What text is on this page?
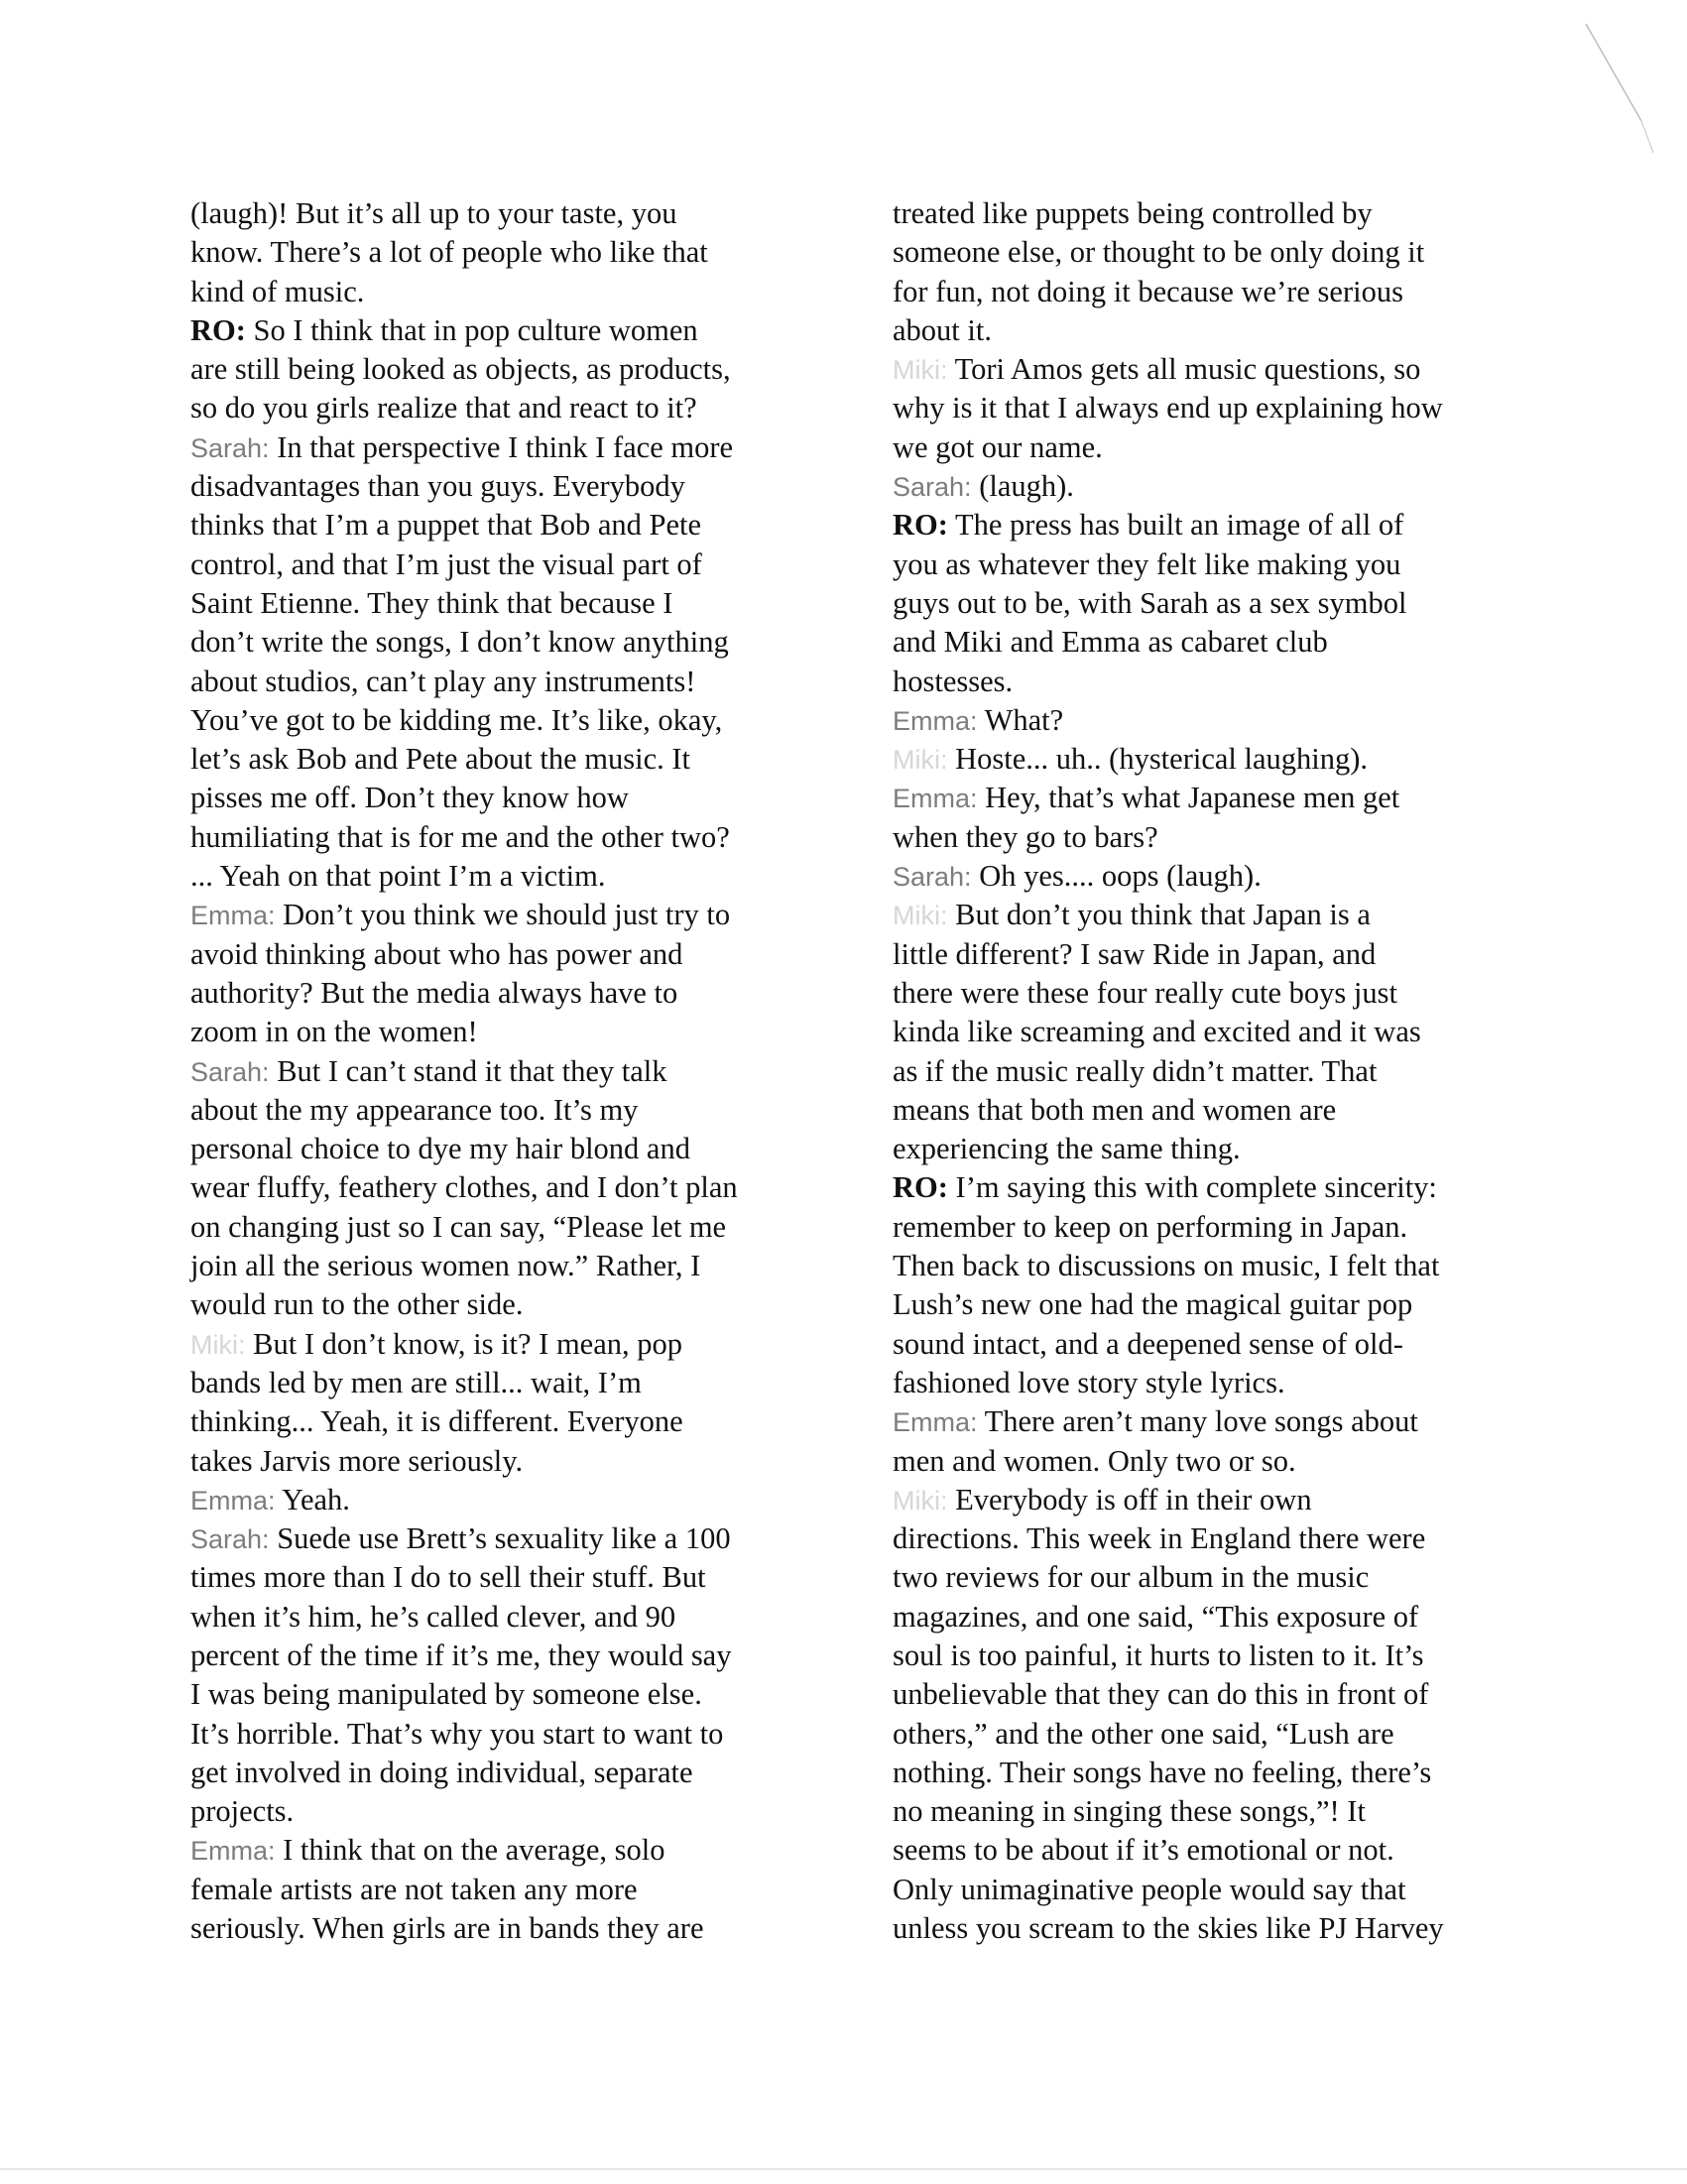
(laugh)! But it’s all up to your taste, you
know. There’s a lot of people who like that
kind of music.
RO: So I think that in pop culture women
are still being looked as objects, as products,
so do you girls realize that and react to it?
Sarah: In that perspective I think I face more
disadvantages than you guys. Everybody
thinks that I’m a puppet that Bob and Pete
control, and that I’m just the visual part of
Saint Etienne. They think that because I
don’t write the songs, I don’t know anything
about studios, can’t play any instruments!
You’ve got to be kidding me. It’s like, okay,
let’s ask Bob and Pete about the music. It
pisses me off. Don’t they know how
humiliating that is for me and the other two?
... Yeah on that point I’m a victim.
Emma: Don’t you think we should just try to
avoid thinking about who has power and
authority? But the media always have to
zoom in on the women!
Sarah: But I can’t stand it that they talk
about the my appearance too. It’s my
personal choice to dye my hair blond and
wear fluffy, feathery clothes, and I don’t plan
on changing just so I can say, “Please let me
join all the serious women now.” Rather, I
would run to the other side.
Miki: But I don’t know, is it? I mean, pop
bands led by men are still... wait, I’m
thinking... Yeah, it is different. Everyone
takes Jarvis more seriously.
Emma: Yeah.
Sarah: Suede use Brett’s sexuality like a 100
times more than I do to sell their stuff. But
when it’s him, he’s called clever, and 90
percent of the time if it’s me, they would say
I was being manipulated by someone else.
It’s horrible. That’s why you start to want to
get involved in doing individual, separate
projects.
Emma: I think that on the average, solo
female artists are not taken any more
seriously. When girls are in bands they are
treated like puppets being controlled by
someone else, or thought to be only doing it
for fun, not doing it because we’re serious
about it.
Miki: Tori Amos gets all music questions, so
why is it that I always end up explaining how
we got our name.
Sarah: (laugh).
RO: The press has built an image of all of
you as whatever they felt like making you
guys out to be, with Sarah as a sex symbol
and Miki and Emma as cabaret club
hostesses.
Emma: What?
Miki: Hoste... uh.. (hysterical laughing).
Emma: Hey, that’s what Japanese men get
when they go to bars?
Sarah: Oh yes.... oops (laugh).
Miki: But don’t you think that Japan is a
little different? I saw Ride in Japan, and
there were these four really cute boys just
kinda like screaming and excited and it was
as if the music really didn’t matter. That
means that both men and women are
experiencing the same thing.
RO: I’m saying this with complete sincerity:
remember to keep on performing in Japan.
Then back to discussions on music, I felt that
Lush’s new one had the magical guitar pop
sound intact, and a deepened sense of old-
fashioned love story style lyrics.
Emma: There aren’t many love songs about
men and women. Only two or so.
Miki: Everybody is off in their own
directions. This week in England there were
two reviews for our album in the music
magazines, and one said, “This exposure of
soul is too painful, it hurts to listen to it. It’s
unbelievable that they can do this in front of
others,” and the other one said, “Lush are
nothing. Their songs have no feeling, there’s
no meaning in singing these songs,”! It
seems to be about if it’s emotional or not.
Only unimaginative people would say that
unless you scream to the skies like PJ Harvey
